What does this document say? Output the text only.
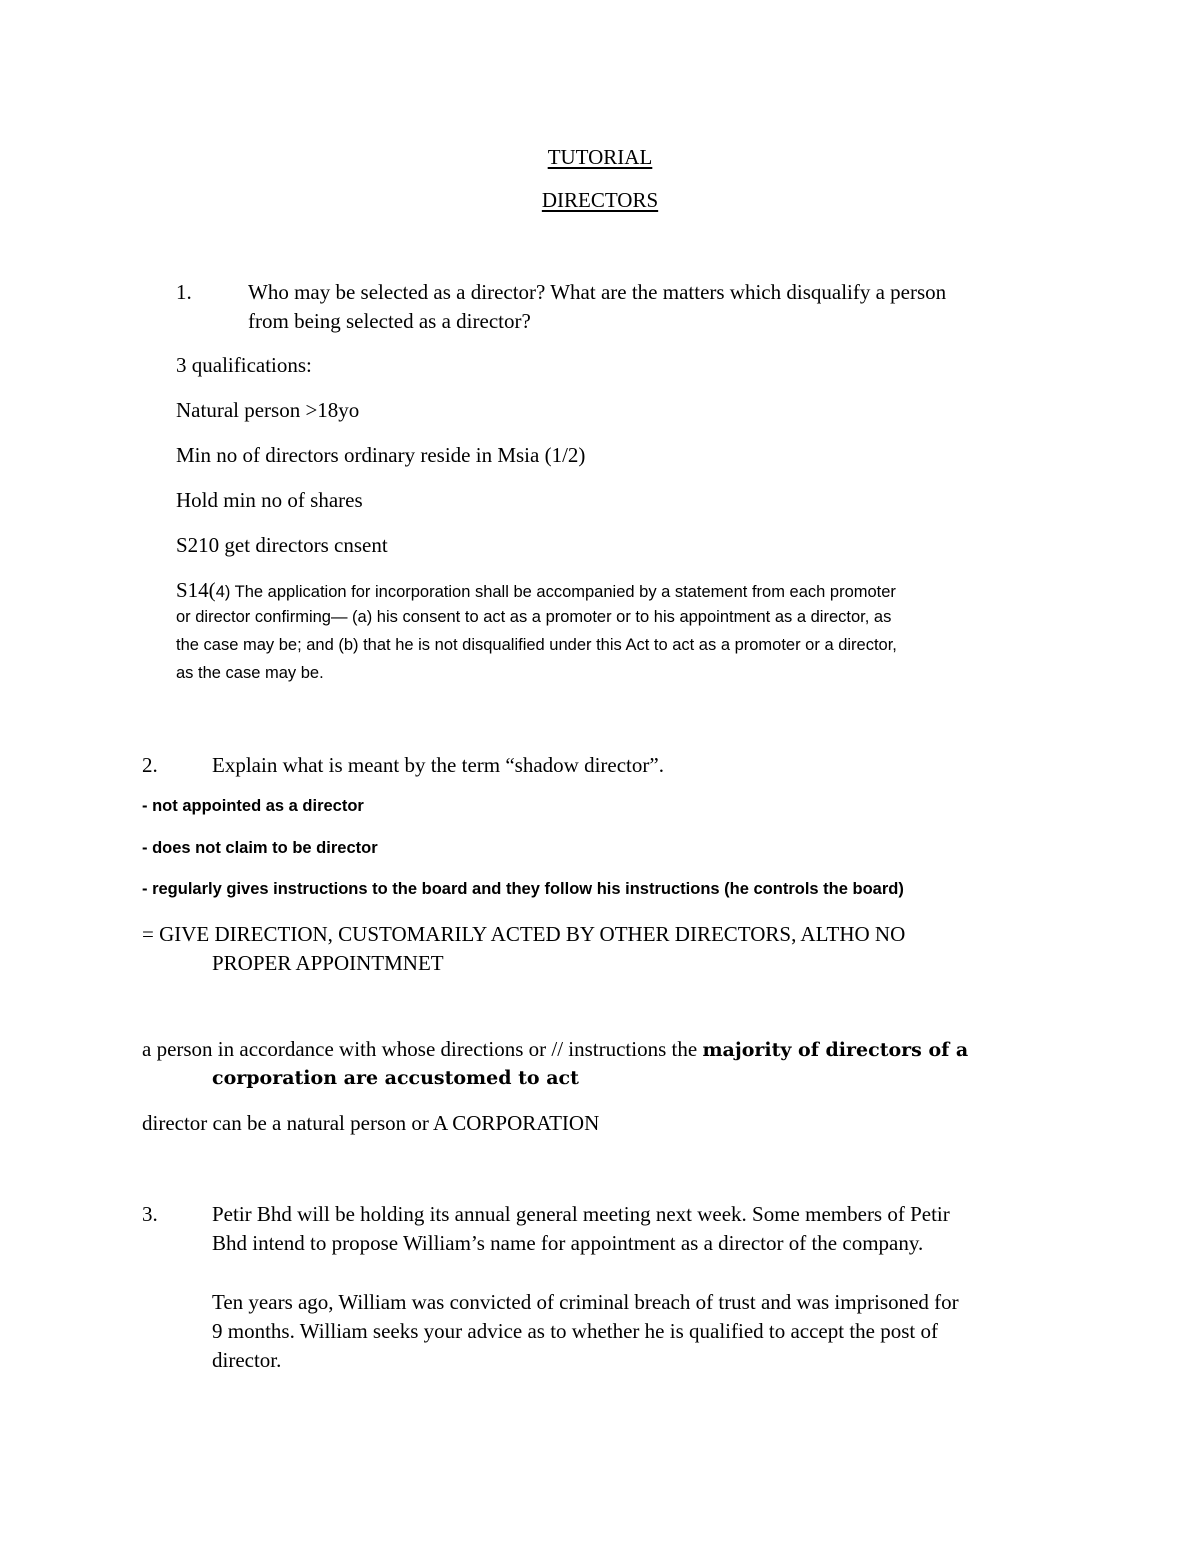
TUTORIAL
DIRECTORS
1.	Who may be selected as a director? What are the matters which disqualify a person
from being selected as a director?
3 qualifications:
Natural person >18yo
Min no of directors ordinary reside in Msia (1/2)
Hold min no of shares
S210 get directors cnsent
S14(4) The application for incorporation shall be accompanied by a statement from each promoter
or director confirming— (a) his consent to act as a promoter or to his appointment as a director, as
the case may be; and (b) that he is not disqualified under this Act to act as a promoter or a director,
as the case may be.
2.	Explain what is meant by the term “shadow director”.
- not appointed as a director
- does not claim to be director
- regularly gives instructions to the board and they follow his instructions (he controls the board)
= GIVE DIRECTION, CUSTOMARILY ACTED BY OTHER DIRECTORS, ALTHO NO
PROPER APPOINTMNET
a person in accordance with whose directions or // instructions the majority of directors of a
corporation are accustomed to act
director can be a natural person or A CORPORATION
3.	Petir Bhd will be holding its annual general meeting next week. Some members of Petir
Bhd intend to propose William’s name for appointment as a director of the company.
Ten years ago, William was convicted of criminal breach of trust and was imprisoned for
9 months. William seeks your advice as to whether he is qualified to accept the post of
director.
